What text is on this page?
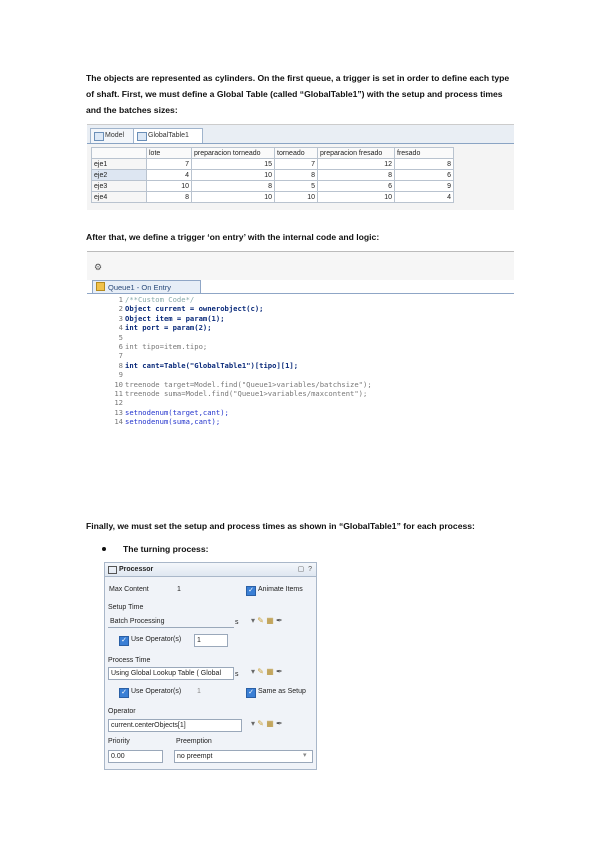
The objects are represented as cylinders. On the first queue, a trigger is set in order to define each type of shaft. First, we must define a Global Table (called “GlobalTable1”) with the setup and process times and the batches sizes:
Model	GlobalTable1
	lote	preparacion torneado	torneado	preparacion fresado	fresado
eje1	7	15	7	12	8
eje2	4	10	8	8	6
eje3	10	8	5	6	9
eje4	8	10	10	10	4
After that, we define a trigger ‘on entry’ with the internal code and logic:
⚙
Queue1 - On Entry
1 /**Custom Code*/
2 Object current = ownerobject(c);
3 Object item = param(1);
4 int port = param(2);
5
6 int tipo=item.tipo;
7
8 int cant=Table("GlobalTable1")[tipo][1];
9
10 treenode target=Model.find("Queue1>variables/batchsize");
11 treenode suma=Model.find("Queue1>variables/maxcontent");
12
13 setnodenum(target,cant);
14 setnodenum(suma,cant);
Finally, we must set the setup and process times as shown in “GlobalTable1” for each process:
The turning process:
Processor	▢ ?
Max Content	1	✓ Animate Items
Setup Time
Batch Processing	s ▾ ✎ ▦ ✒
✓ Use Operator(s)	1
Process Time
Using Global Lookup Table ( Global	s ▾ ✎ ▦ ✒
✓ Use Operator(s) 1	✓ Same as Setup
Operator
current.centerObjects[1]	▾ ✎ ▦ ✒
Priority	Preemption
0.00	no preempt	▾
